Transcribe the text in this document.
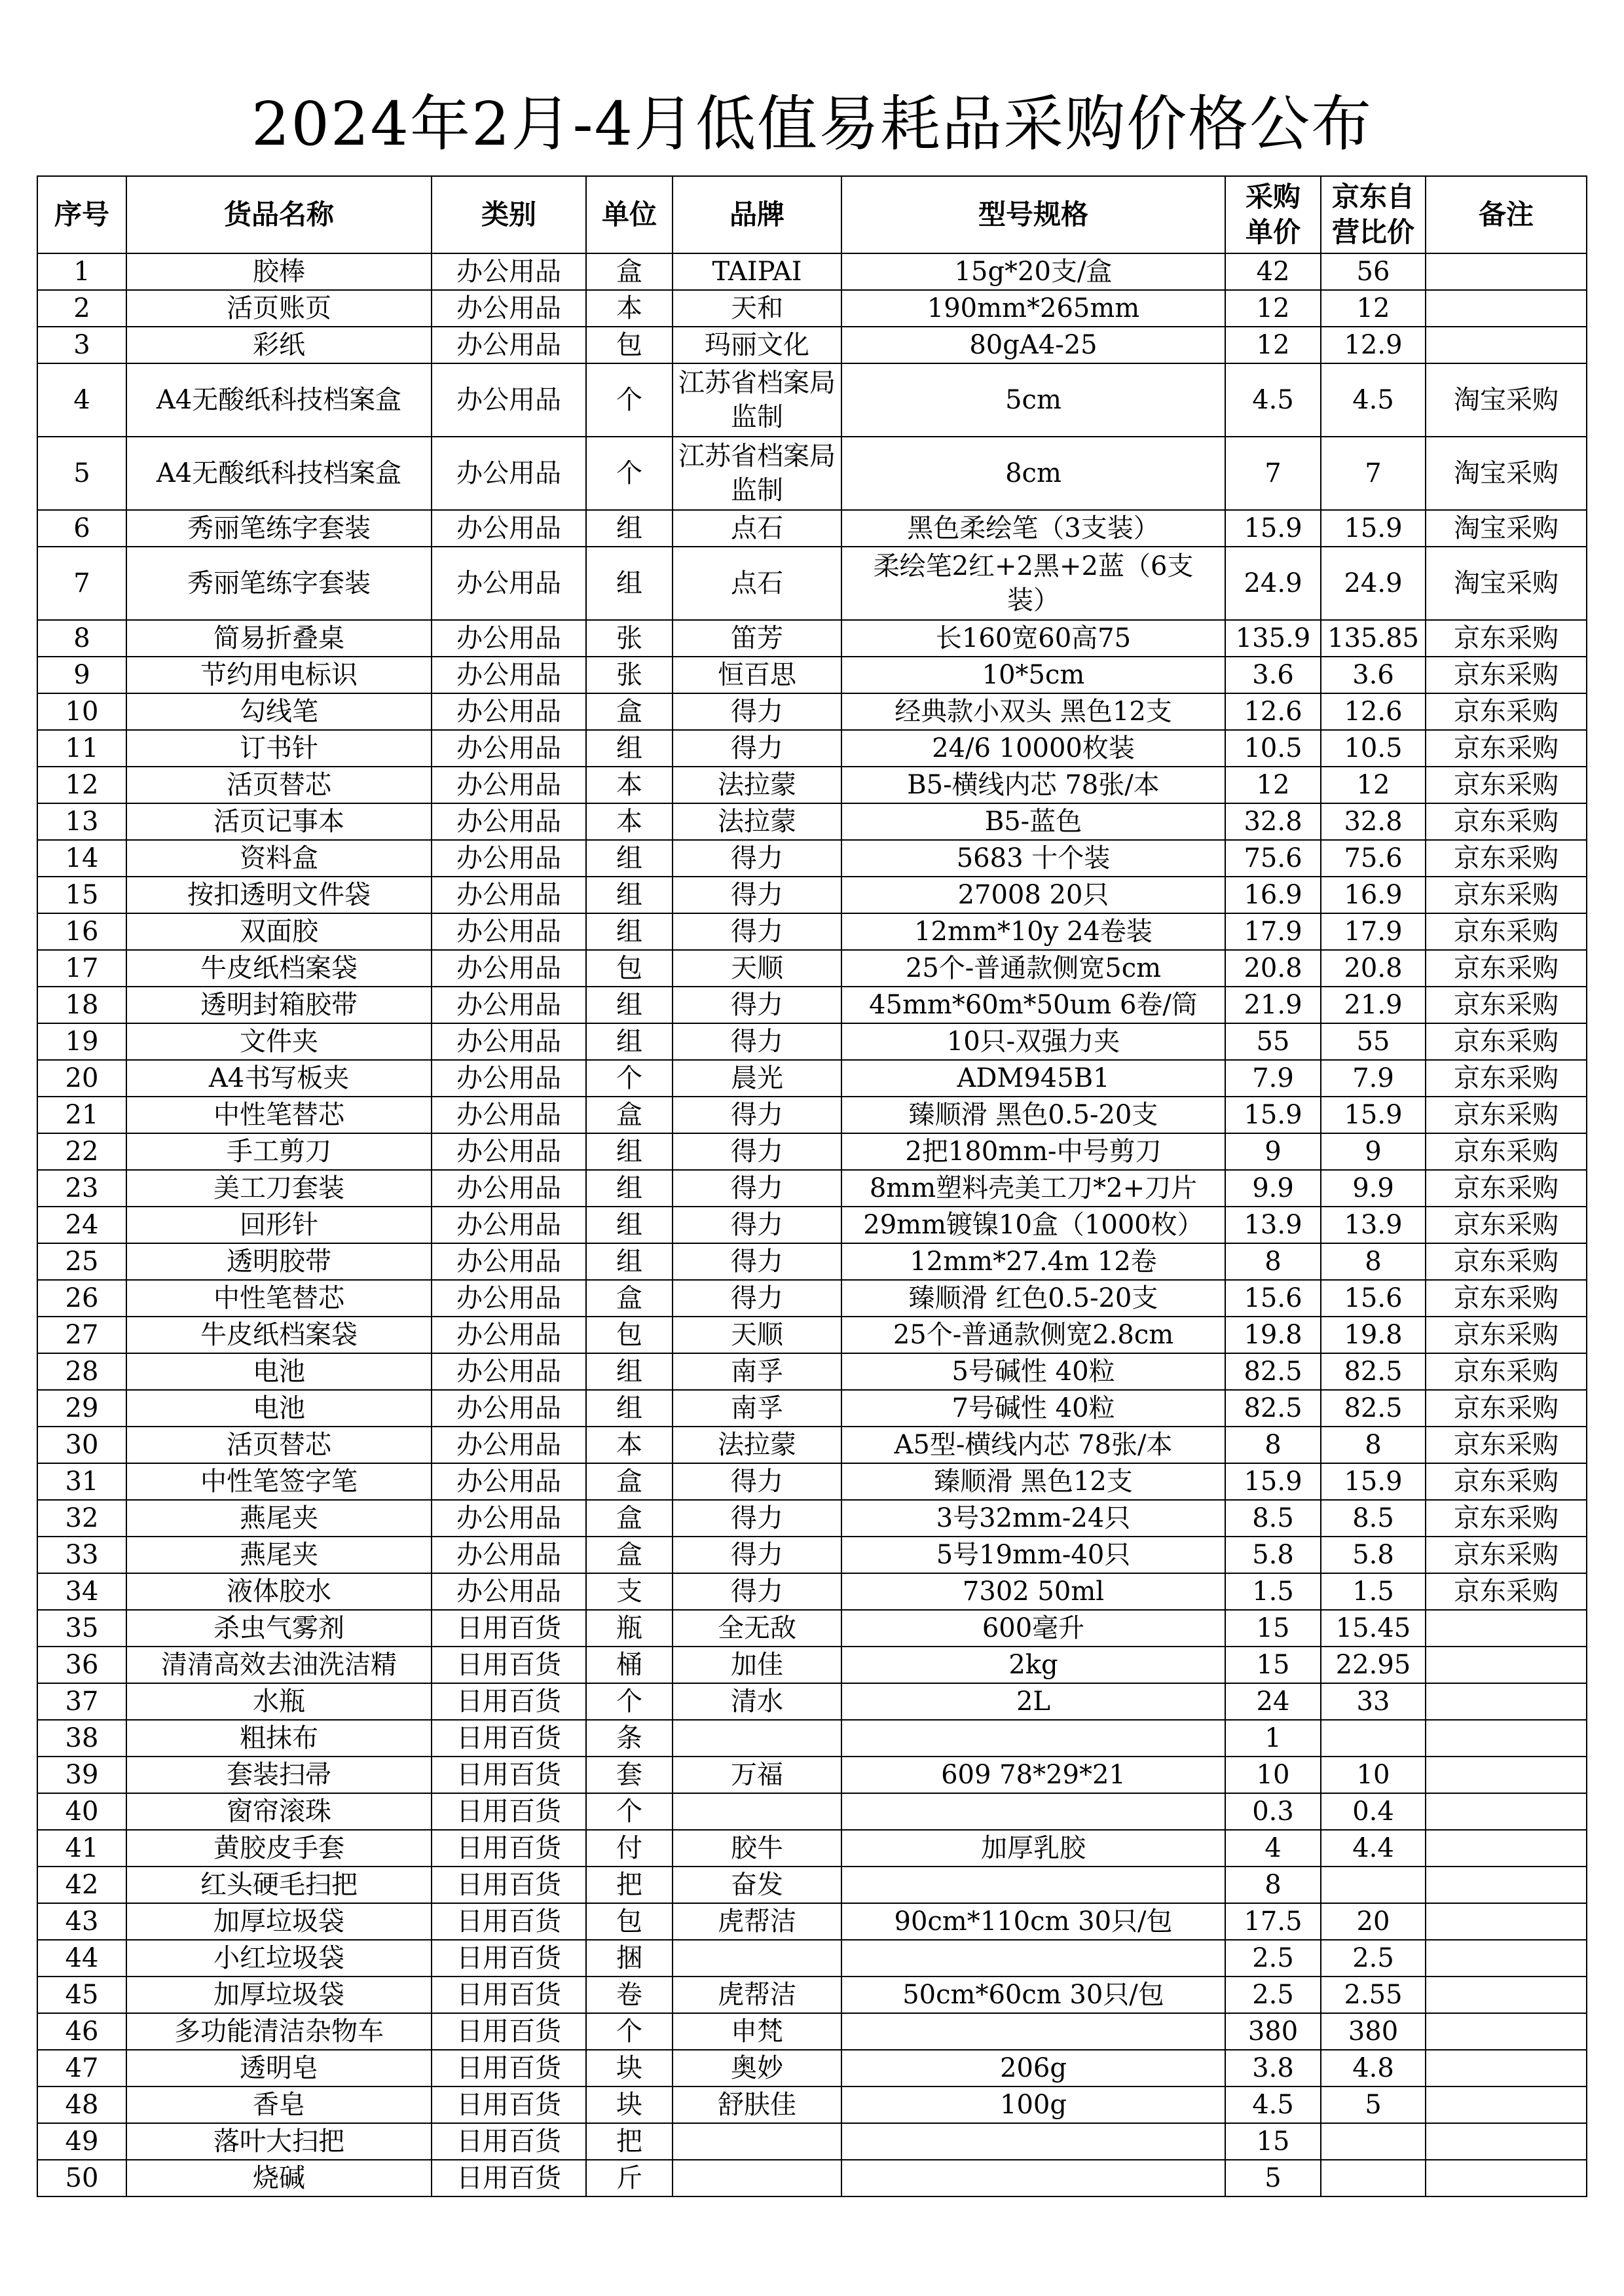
2024年2月-4月低值易耗品采购价格公布
序号	货品名称	类别	单位	品牌	型号规格	采购单价	京东自营比价	备注
1	胶棒	办公用品	盒	TAIPAI	15g*20支/盒	42	56	
2	活页账页	办公用品	本	天和	190mm*265mm	12	12	
3	彩纸	办公用品	包	玛丽文化	80gA4-25	12	12.9	
4	A4无酸纸科技档案盒	办公用品	个	江苏省档案局监制	5cm	4.5	4.5	淘宝采购
5	A4无酸纸科技档案盒	办公用品	个	江苏省档案局监制	8cm	7	7	淘宝采购
6	秀丽笔练字套装	办公用品	组	点石	黑色柔绘笔（3支装）	15.9	15.9	淘宝采购
7	秀丽笔练字套装	办公用品	组	点石	柔绘笔2红+2黑+2蓝（6支装）	24.9	24.9	淘宝采购
8	简易折叠桌	办公用品	张	笛芳	长160宽60高75	135.9	135.85	京东采购
9	节约用电标识	办公用品	张	恒百思	10*5cm	3.6	3.6	京东采购
10	勾线笔	办公用品	盒	得力	经典款小双头 黑色12支	12.6	12.6	京东采购
11	订书针	办公用品	组	得力	24/6 10000枚装	10.5	10.5	京东采购
12	活页替芯	办公用品	本	法拉蒙	B5-横线内芯 78张/本	12	12	京东采购
13	活页记事本	办公用品	本	法拉蒙	B5-蓝色	32.8	32.8	京东采购
14	资料盒	办公用品	组	得力	5683 十个装	75.6	75.6	京东采购
15	按扣透明文件袋	办公用品	组	得力	27008 20只	16.9	16.9	京东采购
16	双面胶	办公用品	组	得力	12mm*10y 24卷装	17.9	17.9	京东采购
17	牛皮纸档案袋	办公用品	包	天顺	25个-普通款侧宽5cm	20.8	20.8	京东采购
18	透明封箱胶带	办公用品	组	得力	45mm*60m*50um 6卷/筒	21.9	21.9	京东采购
19	文件夹	办公用品	组	得力	10只-双强力夹	55	55	京东采购
20	A4书写板夹	办公用品	个	晨光	ADM945B1	7.9	7.9	京东采购
21	中性笔替芯	办公用品	盒	得力	臻顺滑 黑色0.5-20支	15.9	15.9	京东采购
22	手工剪刀	办公用品	组	得力	2把180mm-中号剪刀	9	9	京东采购
23	美工刀套装	办公用品	组	得力	8mm塑料壳美工刀*2+刀片	9.9	9.9	京东采购
24	回形针	办公用品	组	得力	29mm镀镍10盒（1000枚）	13.9	13.9	京东采购
25	透明胶带	办公用品	组	得力	12mm*27.4m 12卷	8	8	京东采购
26	中性笔替芯	办公用品	盒	得力	臻顺滑 红色0.5-20支	15.6	15.6	京东采购
27	牛皮纸档案袋	办公用品	包	天顺	25个-普通款侧宽2.8cm	19.8	19.8	京东采购
28	电池	办公用品	组	南孚	5号碱性 40粒	82.5	82.5	京东采购
29	电池	办公用品	组	南孚	7号碱性 40粒	82.5	82.5	京东采购
30	活页替芯	办公用品	本	法拉蒙	A5型-横线内芯 78张/本	8	8	京东采购
31	中性笔签字笔	办公用品	盒	得力	臻顺滑 黑色12支	15.9	15.9	京东采购
32	燕尾夹	办公用品	盒	得力	3号32mm-24只	8.5	8.5	京东采购
33	燕尾夹	办公用品	盒	得力	5号19mm-40只	5.8	5.8	京东采购
34	液体胶水	办公用品	支	得力	7302 50ml	1.5	1.5	京东采购
35	杀虫气雾剂	日用百货	瓶	全无敌	600毫升	15	15.45	
36	清清高效去油洗洁精	日用百货	桶	加佳	2kg	15	22.95	
37	水瓶	日用百货	个	清水	2L	24	33	
38	粗抹布	日用百货	条			1		
39	套装扫帚	日用百货	套	万福	609 78*29*21	10	10	
40	窗帘滚珠	日用百货	个			0.3	0.4	
41	黄胶皮手套	日用百货	付	胶牛	加厚乳胶	4	4.4	
42	红头硬毛扫把	日用百货	把	奋发		8		
43	加厚垃圾袋	日用百货	包	虎帮洁	90cm*110cm 30只/包	17.5	20	
44	小红垃圾袋	日用百货	捆			2.5	2.5	
45	加厚垃圾袋	日用百货	卷	虎帮洁	50cm*60cm 30只/包	2.5	2.55	
46	多功能清洁杂物车	日用百货	个	申梵		380	380	
47	透明皂	日用百货	块	奥妙	206g	3.8	4.8	
48	香皂	日用百货	块	舒肤佳	100g	4.5	5	
49	落叶大扫把	日用百货	把			15		
50	烧碱	日用百货	斤			5		
